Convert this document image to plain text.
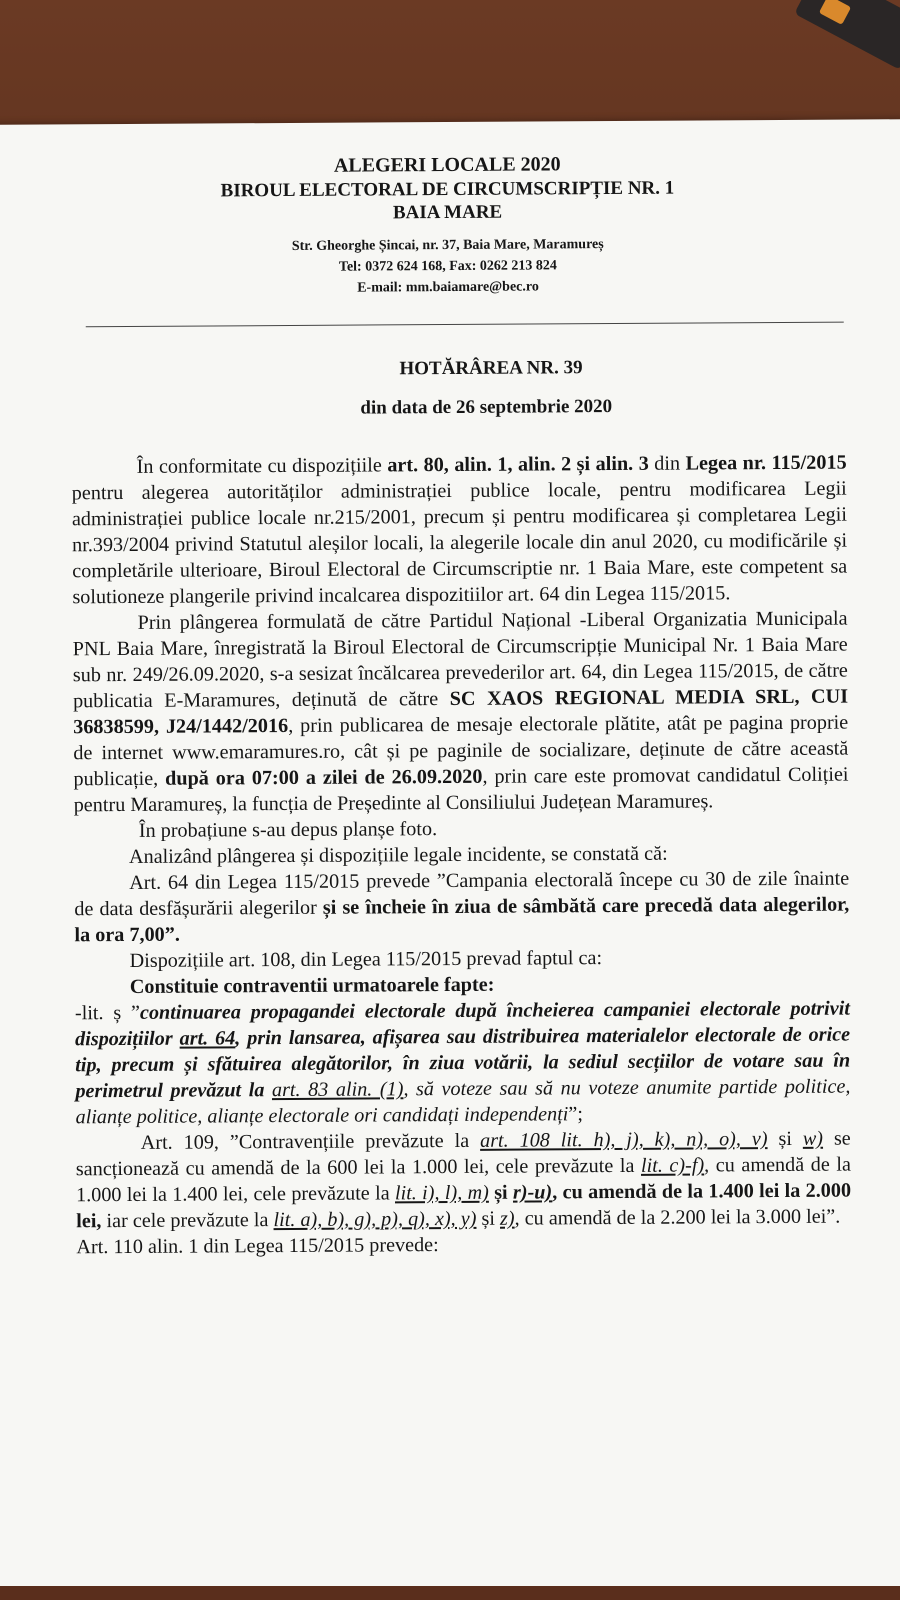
ALEGERI LOCALE 2020
BIROUL ELECTORAL DE CIRCUMSCRIPȚIE NR. 1
BAIA MARE
Str. Gheorghe Șincai, nr. 37, Baia Mare, Maramureș
Tel: 0372 624 168, Fax: 0262 213 824
E-mail: mm.baiamare@bec.ro
HOTĂRÂREA NR. 39
din data de 26 septembrie 2020

În conformitate cu dispozițiile art. 80, alin. 1, alin. 2 și alin. 3 din Legea nr. 115/2015 pentru alegerea autorităților administrației publice locale, pentru modificarea Legii administrației publice locale nr.215/2001, precum și pentru modificarea și completarea Legii nr.393/2004 privind Statutul aleșilor locali, la alegerile locale din anul 2020, cu modificările și completările ulterioare, Biroul Electoral de Circumscriptie nr. 1 Baia Mare, este competent sa solutioneze plangerile privind incalcarea dispozitiilor art. 64 din Legea 115/2015.

Prin plângerea formulată de către Partidul Național -Liberal Organizatia Municipala PNL Baia Mare, înregistrată la Biroul Electoral de Circumscripție Municipal Nr. 1 Baia Mare sub nr. 249/26.09.2020, s-a sesizat încălcarea prevederilor art. 64, din Legea 115/2015, de către publicatia E-Maramures, deținută de către SC XAOS REGIONAL MEDIA SRL, CUI 36838599, J24/1442/2016, prin publicarea de mesaje electorale plătite, atât pe pagina proprie de internet www.emaramures.ro, cât și pe paginile de socializare, deținute de către această publicație, după ora 07:00 a zilei de 26.09.2020, prin care este promovat candidatul Coliției pentru Maramureș, la funcția de Președinte al Consiliului Județean Maramureș.

În probațiune s-au depus planșe foto.

Analizând plângerea și dispozițiile legale incidente, se constată că:

Art. 64 din Legea 115/2015 prevede ”Campania electorală începe cu 30 de zile înainte de data desfășurării alegerilor și se încheie în ziua de sâmbătă care precedă data alegerilor, la ora 7,00”.

Dispozițiile art. 108, din Legea 115/2015 prevad faptul ca:

Constituie contraventii urmatoarele fapte:

-lit. ș ”continuarea propagandei electorale după încheierea campaniei electorale potrivit dispozițiilor art. 64, prin lansarea, afișarea sau distribuirea materialelor electorale de orice tip, precum și sfătuirea alegătorilor, în ziua votării, la sediul secțiilor de votare sau în perimetrul prevăzut la art. 83 alin. (1), să voteze sau să nu voteze anumite partide politice, alianțe politice, alianțe electorale ori candidați independenți”;

Art. 109, ”Contravențiile prevăzute la art. 108 lit. h), j), k), n), o), v) și w) se sancționează cu amendă de la 600 lei la 1.000 lei, cele prevăzute la lit. c)-f), cu amendă de la 1.000 lei la 1.400 lei, cele prevăzute la lit. i), l), m) și r)-u), cu amendă de la 1.400 lei la 2.000 lei, iar cele prevăzute la lit. a), b), g), p), q), x), y) și z), cu amendă de la 2.200 lei la 3.000 lei”.

Art. 110 alin. 1 din Legea 115/2015 prevede:
